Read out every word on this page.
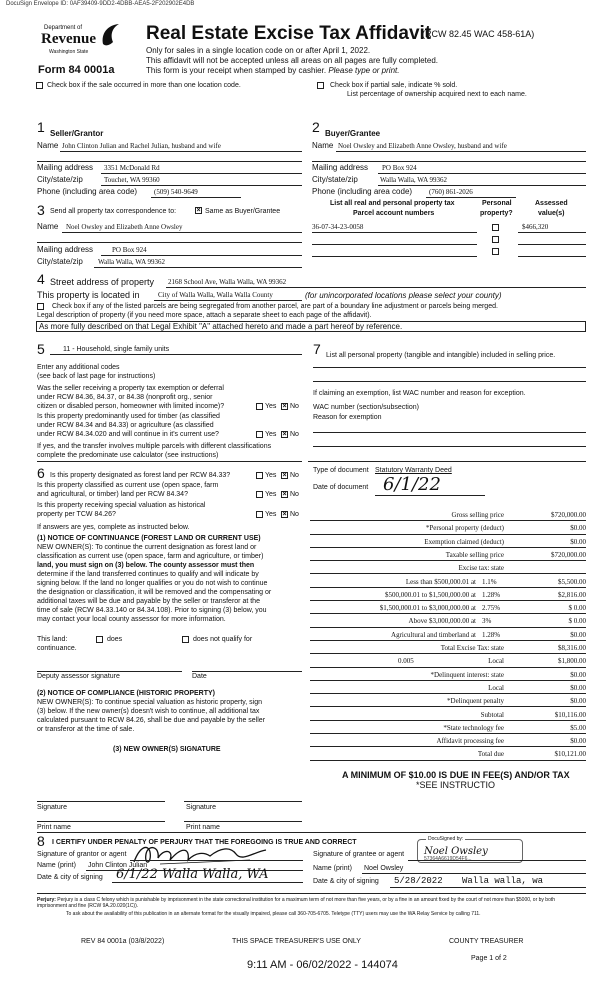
DocuSign Envelope ID: 0AF39409-9DD2-4DBB-AEA5-2F202902E4DB
Department of
Revenue
Washington State
Form 84 0001a
Real Estate Excise Tax Affidavit
(RCW 82.45 WAC 458-61A)
Only for sales in a single location code on or after April 1, 2022.
This affidavit will not be accepted unless all areas on all pages are fully completed.
This form is your receipt when stamped by cashier. Please type or print.
Check box if the sale occurred in more than one location code.	Check box if partial sale, indicate % sold.
List percentage of ownership acquired next to each name.
1 Seller/Grantor
Name John Clinton Julian and Rachel Julian, husband and wife
Mailing address 3351 McDonald Rd
City/state/zip	Touchet, WA 99360
Phone (including area code) (509) 540-9649
2 Buyer/Grantee
Name Noel Owsley and Elizabeth Anne Owsley, husband and wife
Mailing address PO Box 924
City/state/zip	Walla Walla, WA 99362
Phone (including area code) (760) 861-2026
3 Send all property tax correspondence to:	× Same as Buyer/Grantee
Name Noel Owsley and Elizabeth Anne Owsley
Mailing address	PO Box 924
City/state/zip Walla Walla, WA 99362
List all real and personal property tax
Parcel account numbers
Personal
property?
Assessed
value(s)
36-07-34-23-0058	$466,320
4 Street address of property 2168 School Ave, Walla Walla, WA 99362
This property is located in	City of Walla Walla, Walla Walla County	(for unincorporated locations please select your county)
Check box if any of the listed parcels are being segregated from another parcel, are part of a boundary line adjustment or parcels being merged.
Legal description of property (if you need more space, attach a separate sheet to each page of the affidavit).
As more fully described on that Legal Exhibit "A" attached hereto and made a part hereof by reference.
5	11 - Household, single family units
Enter any additional codes
(see back of last page for instructions)
Was the seller receiving a property tax exemption or deferral
under RCW 84.36, 84.37, or 84.38 (nonprofit org., senior
citizen or disabled person, homeowner with limited income)?	Yes × No
Is this property predominantly used for timber (as classified
under RCW 84.34 and 84.33) or agriculture (as classified
under RCW 84.34.020 and will continue in it's current use?	Yes × No
If yes, and the transfer involves multiple parcels with different classifications
complete the predominate use calculator (see instructions)
7 List all personal property (tangible and intangible) included in selling price.
If claiming an exemption, list WAC number and reason for exception.
WAC number (section/subsection)
Reason for exemption
6 Is this property designated as forest land per RCW 84.33?	Yes × No
Is this property classified as current use (open space, farm
and agricultural, or timber) land per RCW 84.34?	Yes × No
Is this property receiving special valuation as historical
property per TCW 84.26?	Yes × No
If answers are yes, complete as instructed below.
(1) NOTICE OF CONTINUANCE (FOREST LAND OR CURRENT USE)
NEW OWNER(S): To continue the current designation as forest land or
classification as current use (open space, farm and agriculture, or timber)
land, you must sign on (3) below. The county assessor must then
determine if the land transferred continues to qualify and will indicate by
signing below. If the land no longer qualifies or you do not wish to continue
the designation or classification, it will be removed and the compensating or
additional taxes will be due and payable by the seller or transferor at the
time of sale (RCW 84.33.140 or 84.34.108). Prior to signing (3) below, you
may contact your local county assessor for more information.
This land:	does	does not qualify for
continuance.
Deputy assessor signature	Date
(2) NOTICE OF COMPLIANCE (HISTORIC PROPERTY)
NEW OWNER(S): To continue special valuation as historic property, sign
(3) below. If the new owner(s) doesn't wish to continue, all additional tax
calculated pursuant to RCW 84.26, shall be due and payable by the seller
or transferor at the time of sale.
(3) NEW OWNER(S) SIGNATURE
Signature	Signature
Print name	Print name
Type of document Statutory Warranty Deed
Date of document 6/1/22
Gross selling price	$720,000.00
*Personal property (deduct)	$0.00
Exemption claimed (deduct)	$0.00
Taxable selling price	$720,000.00
Excise tax: state
Less than $500,000.01 at 1.1%	$5,500.00
$500,000.01 to $1,500,000.00 at 1.28%	$2,816.00
$1,500,000.01 to $3,000,000.00 at 2.75%	$ 0.00
Above $3,000,000.00 at 3%	$ 0.00
Agricultural and timberland at 1.28%	$0.00
Total Excise Tax: state	$8,316.00
Local
0.005	$1,800.00
*Delinquent interest: state	$0.00
Local	$0.00
*Delinquent penalty	$0.00
Subtotal	$10,116.00
*State technology fee	$5.00
Affidavit processing fee	$0.00
Total due	$10,121.00
A MINIMUM OF $10.00 IS DUE IN FEE(S) AND/OR TAX
*SEE INSTRUCTIO
8 I CERTIFY UNDER PENALTY OF PERJURY THAT THE FOREGOING IS TRUE AND CORRECT
Signature of grantor or agent
Name (print) John Clinton Julian
Date & city of signing 6/1/22 Walla Walla, WA
Signature of grantee or agent
DocuSigned by:
Noel Owsley
57364A6619D54F6...
Name (print) Noel Owsley
Date & city of signing 5/28/2022 Walla walla, wa
Perjury: Perjury is a class C felony which is punishable by imprisonment in the state correctional institution for a maximum term of not more than five years, or by a fine in an amount fixed by the court of not more than $5000, or by both imprisonment and fine (RCW 9A.20.020(1C)).
To ask about the availability of this publication in an alternate format for the visually impaired, please call 360-705-6705. Teletype (TTY) users may use the WA Relay Service by calling 711.
REV 84 0001a (03/8/2022)	THIS SPACE TREASURER'S USE ONLY	COUNTY TREASURER
Page 1 of 2
9:11 AM - 06/02/2022 - 144074
